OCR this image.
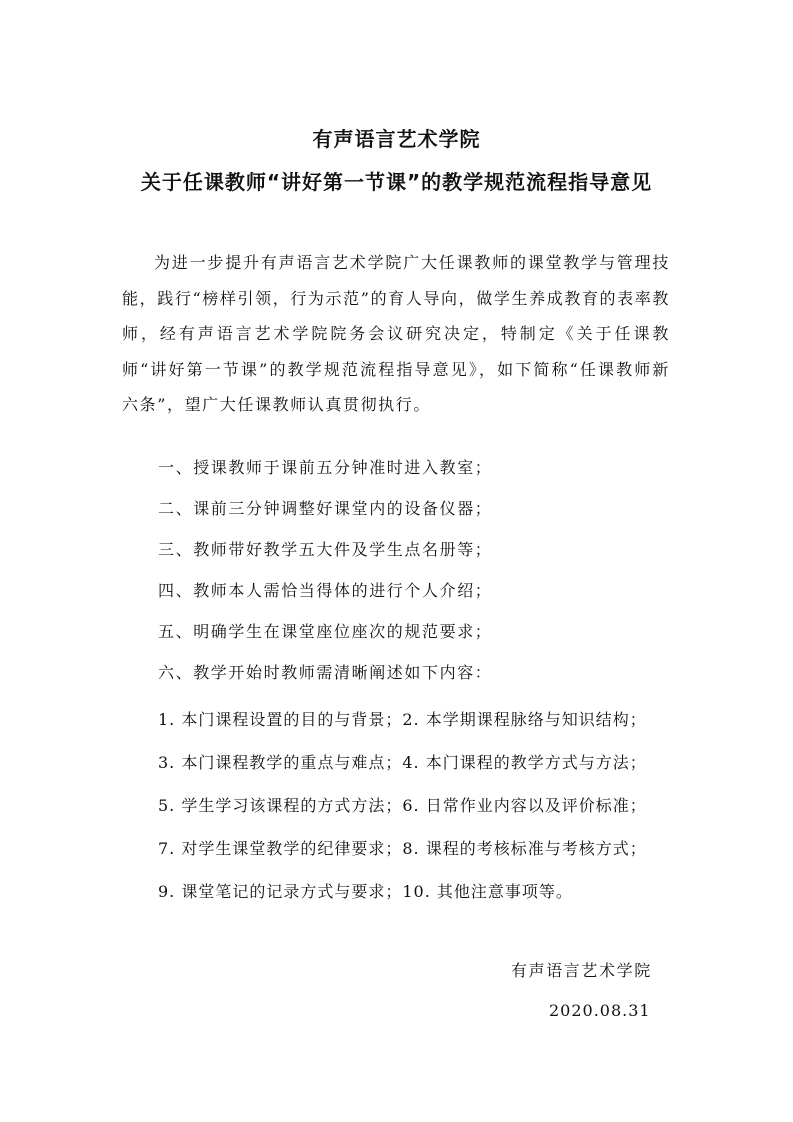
有声语言艺术学院
关于任课教师“讲好第一节课”的教学规范流程指导意见

为进一步提升有声语言艺术学院广大任课教师的课堂教学与管理技能，践行“榜样引领，行为示范”的育人导向，做学生养成教育的表率教师，经有声语言艺术学院院务会议研究决定，特制定《关于任课教师“讲好第一节课”的教学规范流程指导意见》，如下简称“任课教师新六条”，望广大任课教师认真贯彻执行。

一、授课教师于课前五分钟准时进入教室；
二、课前三分钟调整好课堂内的设备仪器；
三、教师带好教学五大件及学生点名册等；
四、教师本人需恰当得体的进行个人介绍；
五、明确学生在课堂座位座次的规范要求；
六、教学开始时教师需清晰阐述如下内容：
1. 本门课程设置的目的与背景；2. 本学期课程脉络与知识结构；
3. 本门课程教学的重点与难点；4. 本门课程的教学方式与方法；
5. 学生学习该课程的方式方法；6. 日常作业内容以及评价标准；
7. 对学生课堂教学的纪律要求；8. 课程的考核标准与考核方式；
9. 课堂笔记的记录方式与要求；10. 其他注意事项等。
有声语言艺术学院
2020.08.31
